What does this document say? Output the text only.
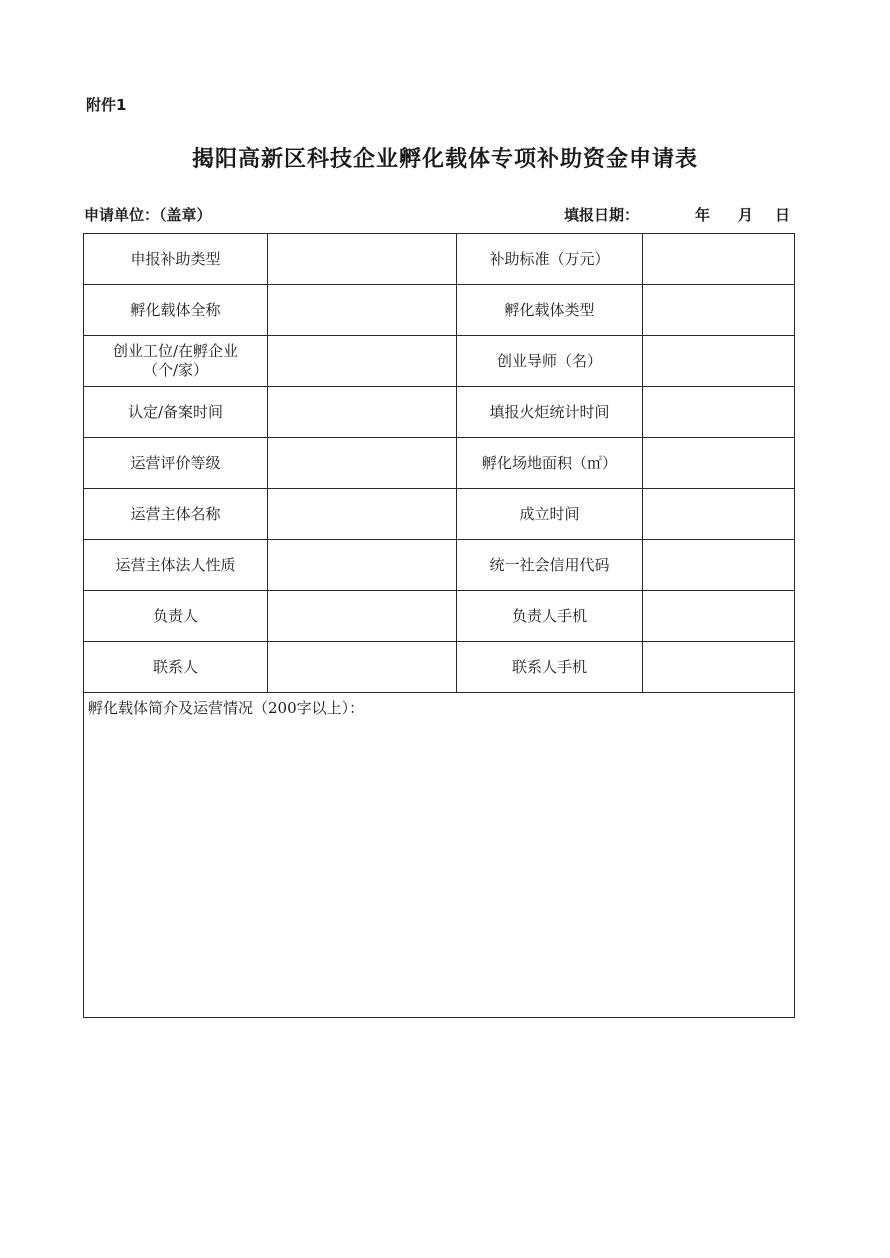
附件1
揭阳高新区科技企业孵化载体专项补助资金申请表
申请单位：（盖章）	填报日期：	年 月 日
申报补助类型		补助标准（万元）	
孵化载体全称		孵化载体类型	

创业工位/在孵企业
（个/家）		创业导师（名）	
认定/备案时间		填报火炬统计时间	
运营评价等级		孵化场地面积（㎡）	
运营主体名称		成立时间	
运营主体法人性质		统一社会信用代码	
负责人		负责人手机	
联系人		联系人手机	

孵化载体简介及运营情况（200字以上）：			
